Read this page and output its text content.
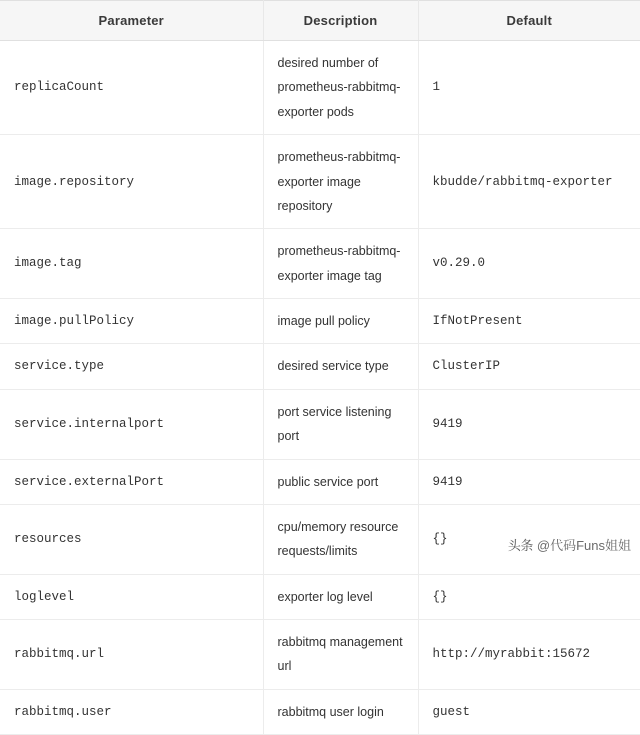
Parameter	Description	Default
replicaCount	desired number of prometheus-rabbitmq-exporter pods	1
image.repository	prometheus-rabbitmq-exporter image repository	kbudde/rabbitmq-exporter
image.tag	prometheus-rabbitmq-exporter image tag	v0.29.0
image.pullPolicy	image pull policy	IfNotPresent
service.type	desired service type	ClusterIP
service.internalport	port service listening port	9419
service.externalPort	public service port	9419
resources	cpu/memory resource requests/limits	{}
loglevel	exporter log level	{}
rabbitmq.url	rabbitmq management url	http://myrabbit:15672
rabbitmq.user	rabbitmq user login	guest
头条 @代码Funs姐姐
